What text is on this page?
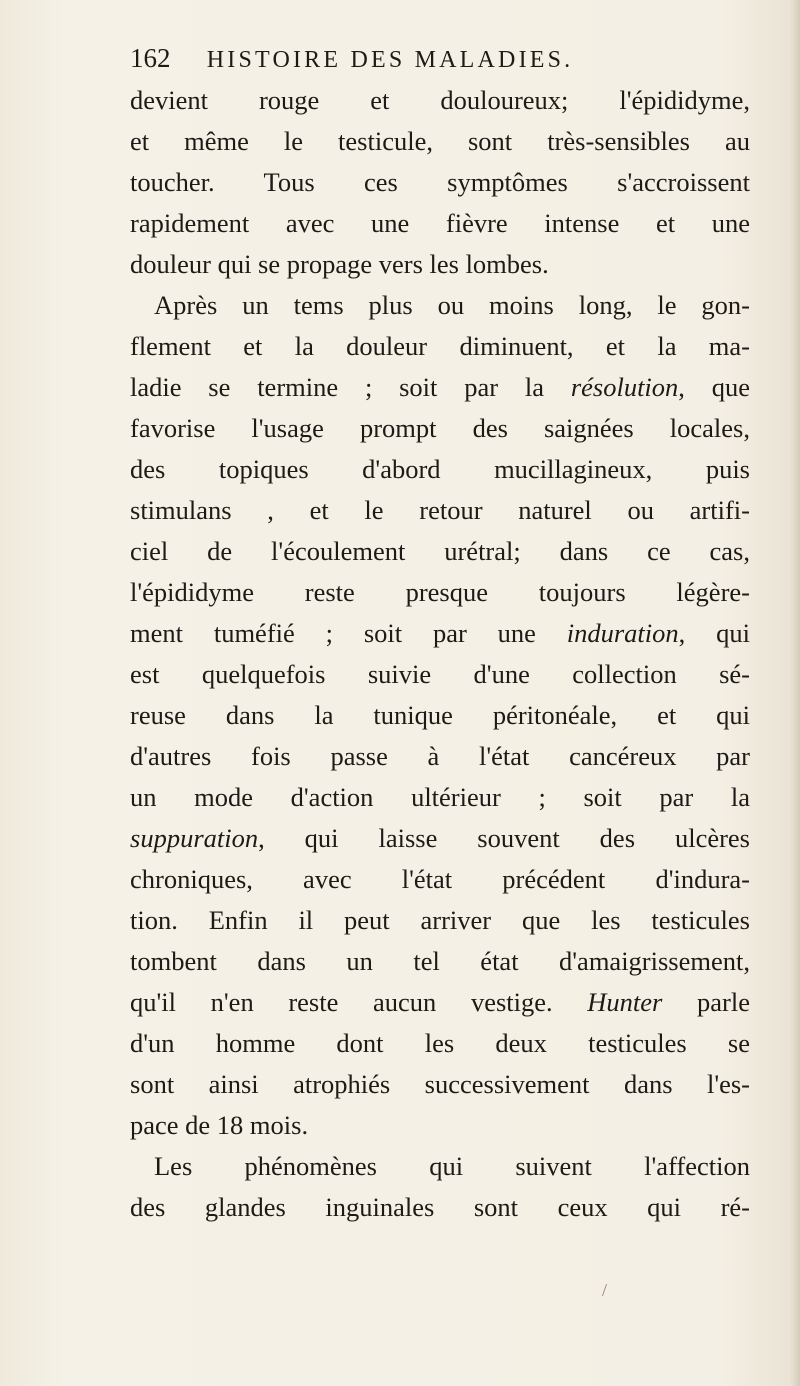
162 HISTOIRE DES MALADIES.
devient rouge et douloureux; l'épididyme,
et même le testicule, sont très-sensibles au
toucher. Tous ces symptômes s'accroissent
rapidement avec une fièvre intense et une
douleur qui se propage vers les lombes.
Après un tems plus ou moins long, le gon-
flement et la douleur diminuent, et la ma-
ladie se termine ; soit par la résolution, que
favorise l'usage prompt des saignées locales,
des topiques d'abord mucillagineux, puis
stimulans , et le retour naturel ou artifi-
ciel de l'écoulement urétral; dans ce cas,
l'épididyme reste presque toujours légère-
ment tuméfié ; soit par une induration, qui
est quelquefois suivie d'une collection sé-
reuse dans la tunique péritonéale, et qui
d'autres fois passe à l'état cancéreux par
un mode d'action ultérieur ; soit par la
suppuration, qui laisse souvent des ulcères
chroniques, avec l'état précédent d'indura-
tion. Enfin il peut arriver que les testicules
tombent dans un tel état d'amaigrissement,
qu'il n'en reste aucun vestige. Hunter parle
d'un homme dont les deux testicules se
sont ainsi atrophiés successivement dans l'es-
pace de 18 mois.
Les phénomènes qui suivent l'affection
des glandes inguinales sont ceux qui ré-
/
